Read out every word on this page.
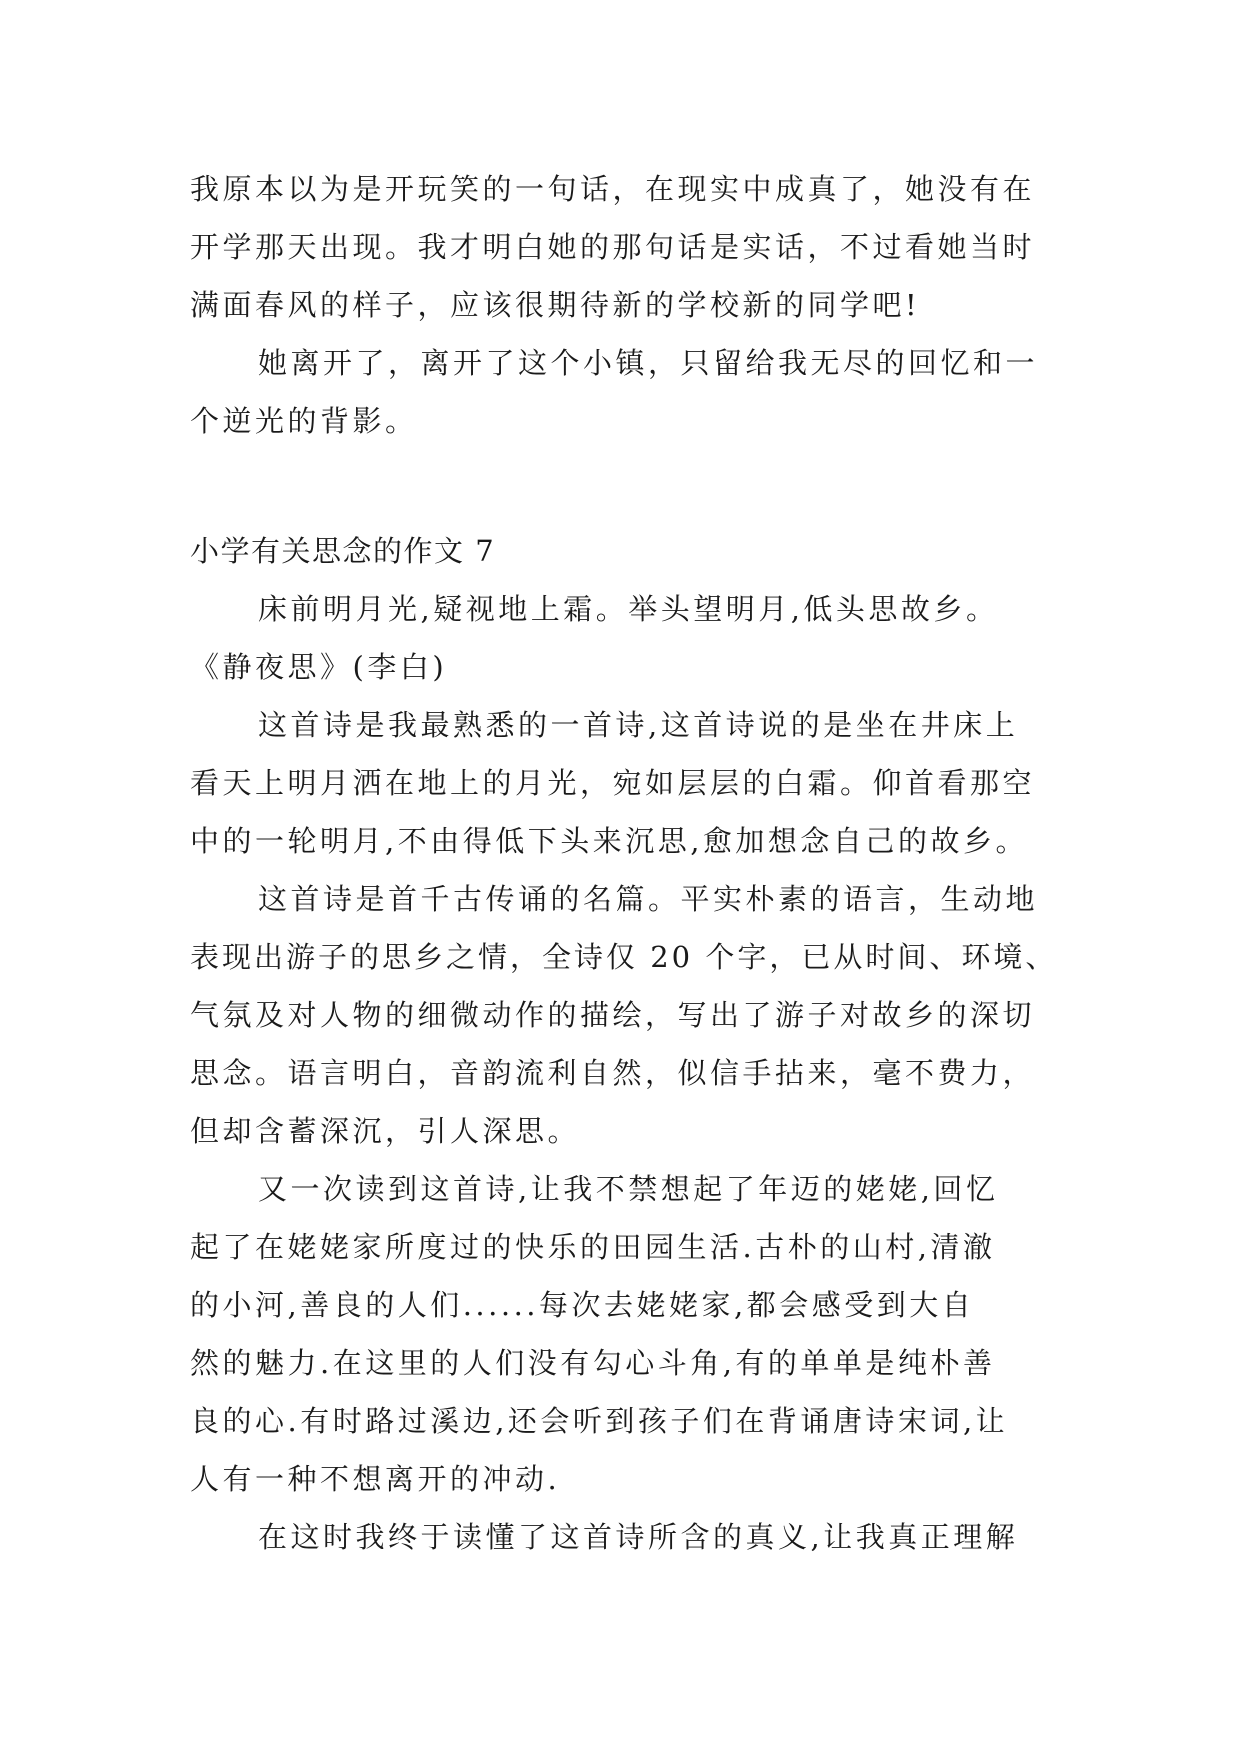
我原本以为是开玩笑的一句话，在现实中成真了，她没有在
开学那天出现。我才明白她的那句话是实话，不过看她当时
满面春风的样子，应该很期待新的学校新的同学吧!
她离开了，离开了这个小镇，只留给我无尽的回忆和一
个逆光的背影。
小学有关思念的作文 7
床前明月光,疑视地上霜。举头望明月,低头思故乡。
《静夜思》(李白)
这首诗是我最熟悉的一首诗,这首诗说的是坐在井床上
看天上明月洒在地上的月光，宛如层层的白霜。仰首看那空
中的一轮明月,不由得低下头来沉思,愈加想念自己的故乡。
这首诗是首千古传诵的名篇。平实朴素的语言，生动地
表现出游子的思乡之情，全诗仅 20 个字，已从时间、环境、
气氛及对人物的细微动作的描绘，写出了游子对故乡的深切
思念。语言明白，音韵流利自然，似信手拈来，毫不费力，
但却含蓄深沉，引人深思。
又一次读到这首诗,让我不禁想起了年迈的姥姥,回忆
起了在姥姥家所度过的快乐的田园生活.古朴的山村,清澈
的小河,善良的人们......每次去姥姥家,都会感受到大自
然的魅力.在这里的人们没有勾心斗角,有的单单是纯朴善
良的心.有时路过溪边,还会听到孩子们在背诵唐诗宋词,让
人有一种不想离开的冲动.
在这时我终于读懂了这首诗所含的真义,让我真正理解
